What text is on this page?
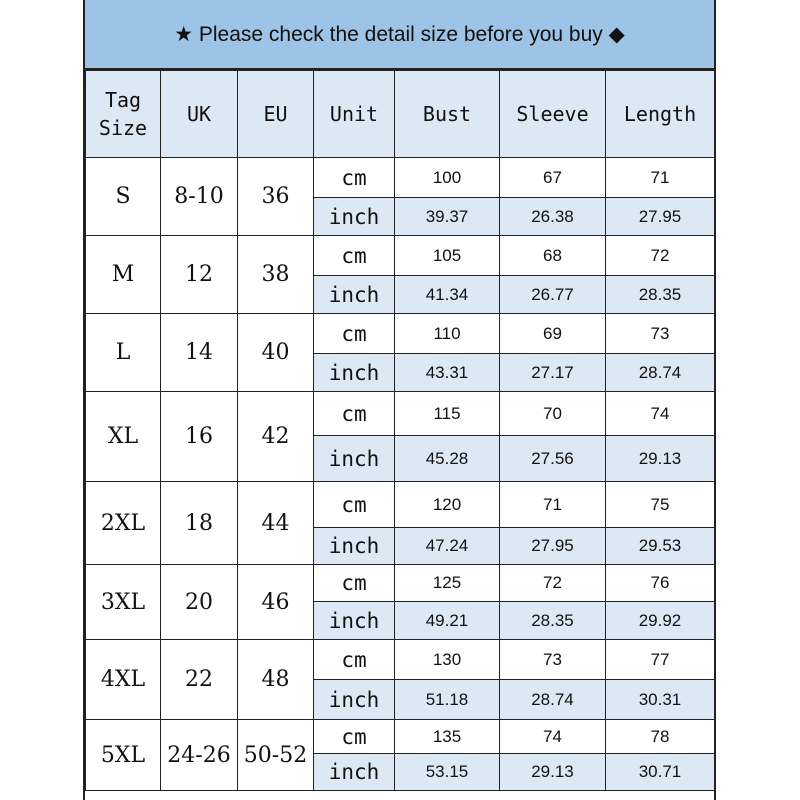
★ Please check the detail size before you buy ◆
Tag Size	UK	EU	Unit	Bust	Sleeve	Length
S	8-10	36	cm	100	67	71
			inch	39.37	26.38	27.95
M	12	38	cm	105	68	72
			inch	41.34	26.77	28.35
L	14	40	cm	110	69	73
			inch	43.31	27.17	28.74
XL	16	42	cm	115	70	74
			inch	45.28	27.56	29.13
2XL	18	44	cm	120	71	75
			inch	47.24	27.95	29.53
3XL	20	46	cm	125	72	76
			inch	49.21	28.35	29.92
4XL	22	48	cm	130	73	77
			inch	51.18	28.74	30.31
5XL	24-26	50-52	cm	135	74	78
			inch	53.15	29.13	30.71
